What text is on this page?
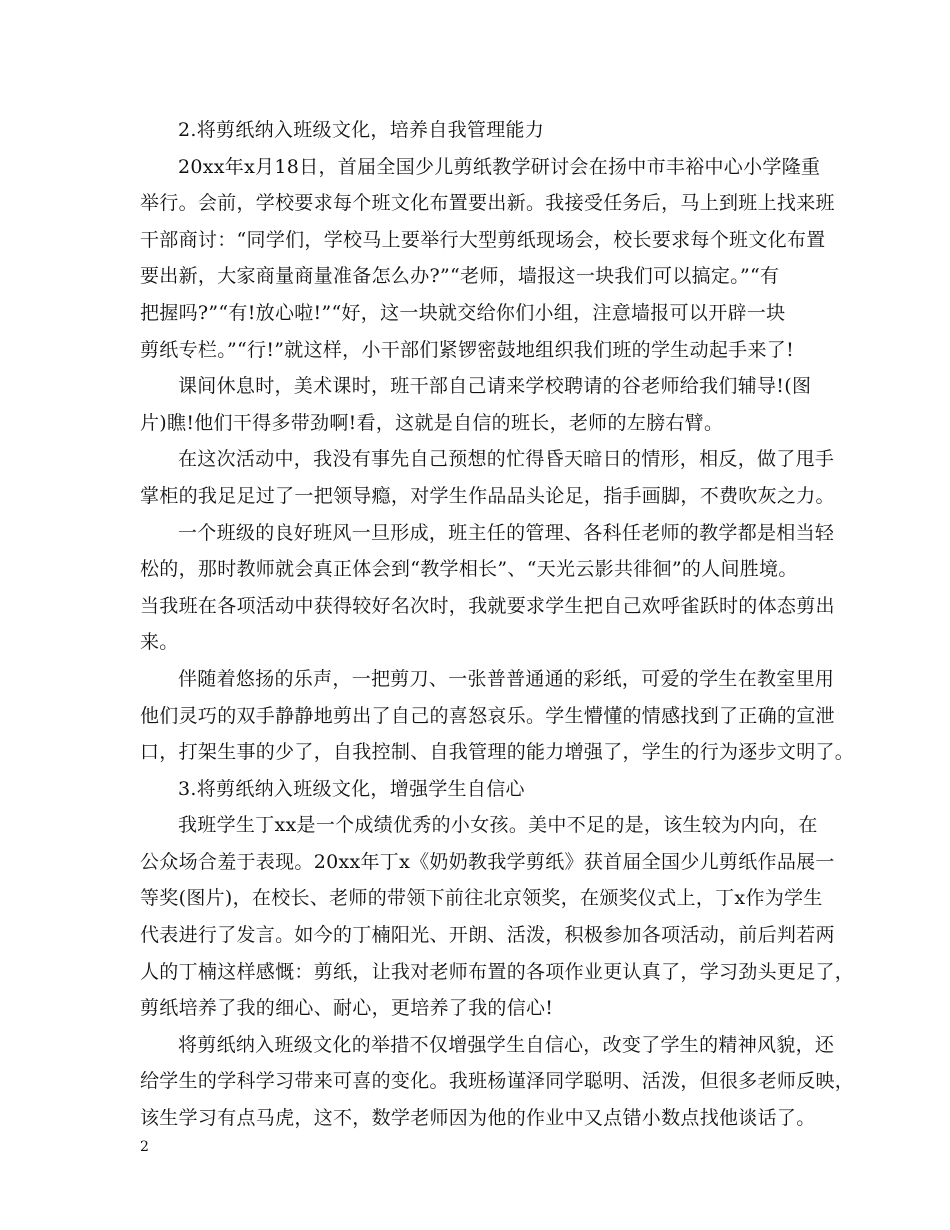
2.将剪纸纳入班级文化，培养自我管理能力
20xx年x月18日，首届全国少儿剪纸教学研讨会在扬中市丰裕中心小学隆重
举行。会前，学校要求每个班文化布置要出新。我接受任务后，马上到班上找来班
干部商讨：“同学们，学校马上要举行大型剪纸现场会，校长要求每个班文化布置
要出新，大家商量商量准备怎么办?”“老师，墙报这一块我们可以搞定。”“有
把握吗?”“有!放心啦!”“好，这一块就交给你们小组，注意墙报可以开辟一块
剪纸专栏。”“行!”就这样，小干部们紧锣密鼓地组织我们班的学生动起手来了!
课间休息时，美术课时，班干部自己请来学校聘请的谷老师给我们辅导!(图
片)瞧!他们干得多带劲啊!看，这就是自信的班长，老师的左膀右臂。
在这次活动中，我没有事先自己预想的忙得昏天暗日的情形，相反，做了甩手
掌柜的我足足过了一把领导瘾，对学生作品品头论足，指手画脚，不费吹灰之力。
一个班级的良好班风一旦形成，班主任的管理、各科任老师的教学都是相当轻
松的，那时教师就会真正体会到“教学相长”、“天光云影共徘徊”的人间胜境。
当我班在各项活动中获得较好名次时，我就要求学生把自己欢呼雀跃时的体态剪出
来。
伴随着悠扬的乐声，一把剪刀、一张普普通通的彩纸，可爱的学生在教室里用
他们灵巧的双手静静地剪出了自己的喜怒哀乐。学生懵懂的情感找到了正确的宣泄
口，打架生事的少了，自我控制、自我管理的能力增强了，学生的行为逐步文明了。
3.将剪纸纳入班级文化，增强学生自信心
我班学生丁xx是一个成绩优秀的小女孩。美中不足的是，该生较为内向，在
公众场合羞于表现。20xx年丁x《奶奶教我学剪纸》获首届全国少儿剪纸作品展一
等奖(图片)，在校长、老师的带领下前往北京领奖，在颁奖仪式上，丁x作为学生
代表进行了发言。如今的丁楠阳光、开朗、活泼，积极参加各项活动，前后判若两
人的丁楠这样感慨：剪纸，让我对老师布置的各项作业更认真了，学习劲头更足了，
剪纸培养了我的细心、耐心，更培养了我的信心!
将剪纸纳入班级文化的举措不仅增强学生自信心，改变了学生的精神风貌，还
给学生的学科学习带来可喜的变化。我班杨谨泽同学聪明、活泼，但很多老师反映，
该生学习有点马虎，这不，数学老师因为他的作业中又点错小数点找他谈话了。
2
